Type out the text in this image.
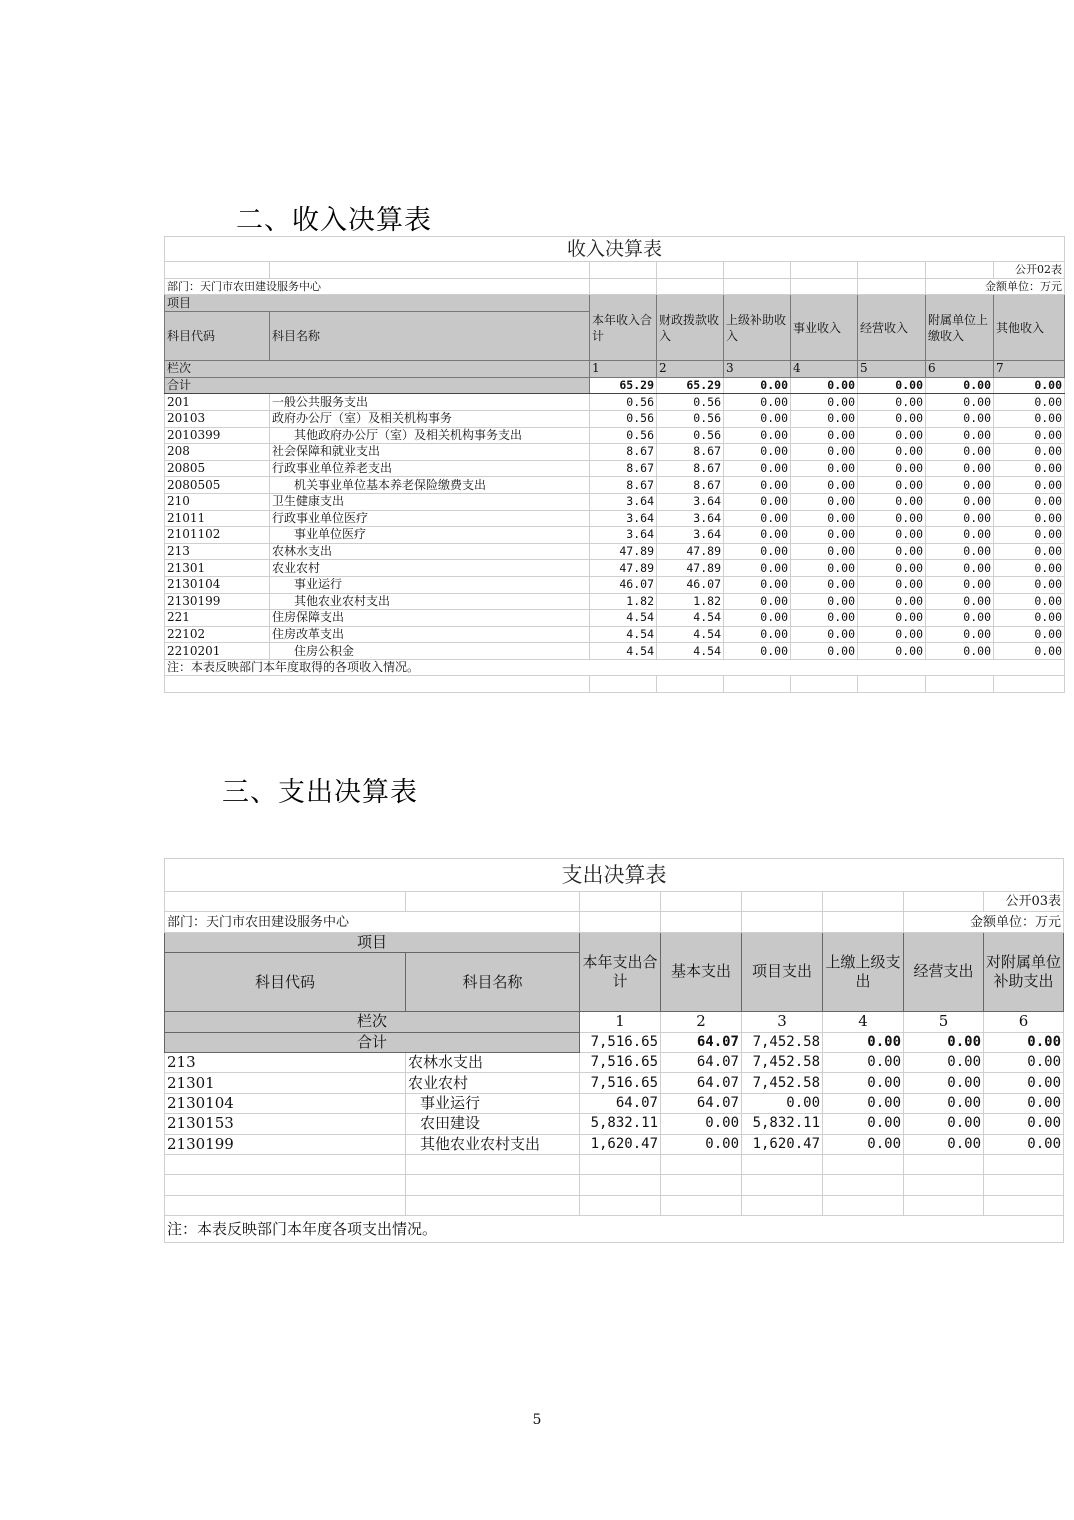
二、收入决算表
收入决算表								
								公开02表
部门：天门市农田建设服务中心							金额单位：万元	
项目		本年收入合计	财政拨款收入	上级补助收入	事业收入	经营收入	附属单位上缴收入	其他收入
科目代码	科目名称							
栏次		1	2	3	4	5	6	7
合计		65.29	65.29	0.00	0.00	0.00	0.00	0.00
201	一般公共服务支出	0.56	0.56	0.00	0.00	0.00	0.00	0.00
20103	政府办公厅（室）及相关机构事务	0.56	0.56	0.00	0.00	0.00	0.00	0.00
2010399	其他政府办公厅（室）及相关机构事务支出	0.56	0.56	0.00	0.00	0.00	0.00	0.00
208	社会保障和就业支出	8.67	8.67	0.00	0.00	0.00	0.00	0.00
20805	行政事业单位养老支出	8.67	8.67	0.00	0.00	0.00	0.00	0.00
2080505	机关事业单位基本养老保险缴费支出	8.67	8.67	0.00	0.00	0.00	0.00	0.00
210	卫生健康支出	3.64	3.64	0.00	0.00	0.00	0.00	0.00
21011	行政事业单位医疗	3.64	3.64	0.00	0.00	0.00	0.00	0.00
2101102	事业单位医疗	3.64	3.64	0.00	0.00	0.00	0.00	0.00
213	农林水支出	47.89	47.89	0.00	0.00	0.00	0.00	0.00
21301	农业农村	47.89	47.89	0.00	0.00	0.00	0.00	0.00
2130104	事业运行	46.07	46.07	0.00	0.00	0.00	0.00	0.00
2130199	其他农业农村支出	1.82	1.82	0.00	0.00	0.00	0.00	0.00
221	住房保障支出	4.54	4.54	0.00	0.00	0.00	0.00	0.00
22102	住房改革支出	4.54	4.54	0.00	0.00	0.00	0.00	0.00
2210201	住房公积金	4.54	4.54	0.00	0.00	0.00	0.00	0.00
注：本表反映部门本年度取得的各项收入情况。								

三、支出决算表
支出决算表							
							公开03表
部门：天门市农田建设服务中心						金额单位：万元	
项目		本年支出合计	基本支出	项目支出	上缴上级支出	经营支出	对附属单位补助支出
科目代码	科目名称						
栏次		1	2	3	4	5	6
合计		7,516.65	64.07	7,452.58	0.00	0.00	0.00
213	农林水支出	7,516.65	64.07	7,452.58	0.00	0.00	0.00
21301	农业农村	7,516.65	64.07	7,452.58	0.00	0.00	0.00
2130104	事业运行	64.07	64.07	0.00	0.00	0.00	0.00
2130153	农田建设	5,832.11	0.00	5,832.11	0.00	0.00	0.00
2130199	其他农业农村支出	1,620.47	0.00	1,620.47	0.00	0.00	0.00

注：本表反映部门本年度各项支出情况。							
5
